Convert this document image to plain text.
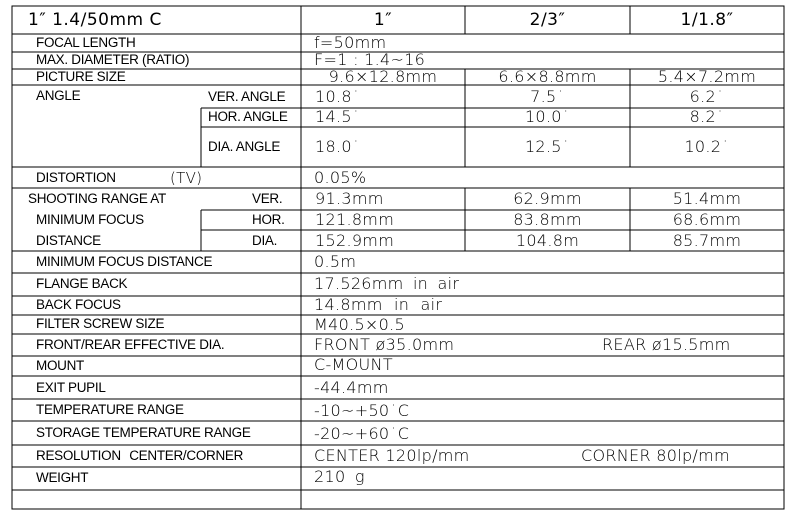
1″ 1.4/50mm C	1″	2/3″	1/1.8″
FOCAL LENGTH	f=50mm
MAX. DIAMETER (RATIO)	F=1 : 1.4~16
PICTURE SIZE	9.6×12.8mm	6.6×8.8mm	5.4×7.2mm
ANGLE	VER. ANGLE 10.8˙	7.5˙	6.2˙
HOR. ANGLE 14.5˙	10.0˙	8.2˙
DIA. ANGLE 18.0˙	12.5˙	10.2˙
DISTORTION	(TV)	0.05%
SHOOTING RANGE AT
MINIMUM FOCUS
DISTANCE
VER. 91.3mm	62.9mm	51.4mm
HOR. 121.8mm	83.8mm	68.6mm
DIA. 152.9mm	104.8m	85.7mm
MINIMUM FOCUS DISTANCE	0.5m
FLANGE BACK	17.526mm in air
BACK FOCUS	14.8mm in air
FILTER SCREW SIZE	M40.5×0.5
FRONT/REAR EFFECTIVE DIA.	FRONT ø35.0mm	REAR ø15.5mm
MOUNT	C-MOUNT
EXIT PUPIL	-44.4mm
TEMPERATURE RANGE	-10~+50˙C
STORAGE TEMPERATURE RANGE	-20~+60˙C
RESOLUTION CENTER/CORNER	CENTER 120lp/mm	CORNER 80lp/mm
WEIGHT	210 g
